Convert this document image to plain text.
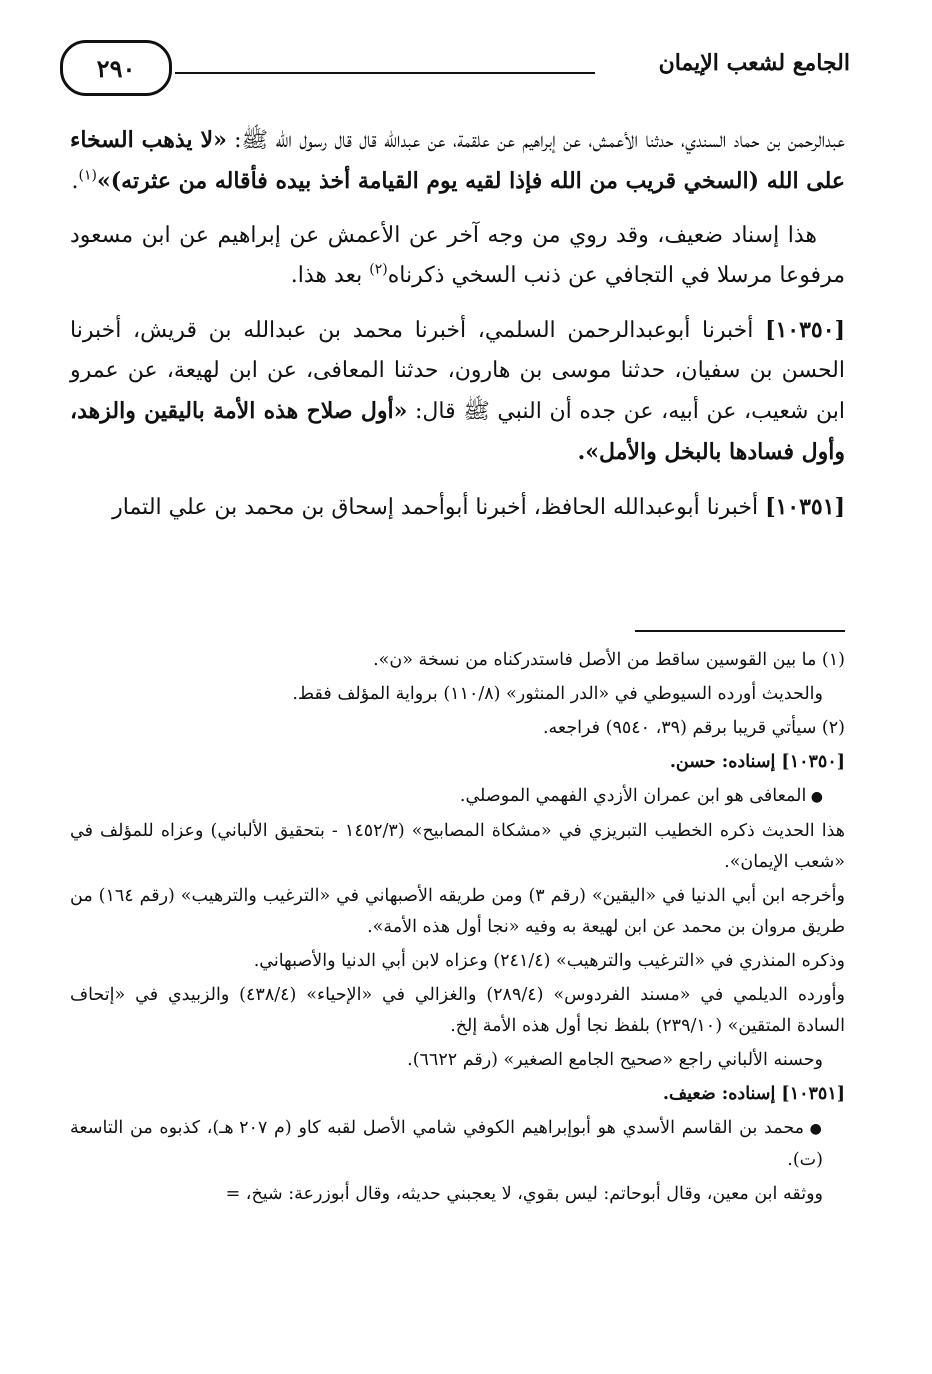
٢٩٠	الجامع لشعب الإيمان

عبدالرحمن بن حماد السندي، حدثنا الأعمش، عن إبراهيم عن علقمة، عن عبدالله قال قال رسول الله ﷺ: «لا يذهب السخاء على الله (السخي قريب من الله فإذا لقيه يوم القيامة أخذ بيده فأقاله من عثرته)»$^{(١)}$.

هذا إسناد ضعيف، وقد روي من وجه آخر عن الأعمش عن إبراهيم عن ابن مسعود مرفوعا مرسلا في التجافي عن ذنب السخي ذكرناه$^{(٢)}$ بعد هذا.

[١٠٣٥٠] أخبرنا أبوعبدالرحمن السلمي، أخبرنا محمد بن عبدالله بن قريش، أخبرنا الحسن بن سفيان، حدثنا موسى بن هارون، حدثنا المعافى، عن ابن لهيعة، عن عمرو ابن شعيب، عن أبيه، عن جده أن النبي ﷺ قال: «أول صلاح هذه الأمة باليقين والزهد، وأول فسادها بالبخل والأمل».

[١٠٣٥١] أخبرنا أبوعبدالله الحافظ، أخبرنا أبوأحمد إسحاق بن محمد بن علي التمار

(١) ما بين القوسين ساقط من الأصل فاستدركناه من نسخة «ن».

والحديث أورده السيوطي في «الدر المنثور» (١١٠/٨) برواية المؤلف فقط.

(٢) سيأتي قريبا برقم (٣٩، ٩٥٤٠) فراجعه.

[١٠٣٥٠] إسناده: حسن.

● المعافى هو ابن عمران الأزدي الفهمي الموصلي.

هذا الحديث ذكره الخطيب التبريزي في «مشكاة المصابيح» (١٤٥٢/٣ - بتحقيق الألباني) وعزاه للمؤلف في «شعب الإيمان».

وأخرجه ابن أبي الدنيا في «اليقين» (رقم ٣) ومن طريقه الأصبهاني في «الترغيب والترهيب» (رقم ١٦٤) من طريق مروان بن محمد عن ابن لهيعة به وفيه «نجا أول هذه الأمة».

وذكره المنذري في «الترغيب والترهيب» (٢٤١/٤) وعزاه لابن أبي الدنيا والأصبهاني.

وأورده الديلمي في «مسند الفردوس» (٢٨٩/٤) والغزالي في «الإحياء» (٤٣٨/٤) والزبيدي في «إتحاف السادة المتقين» (٢٣٩/١٠) بلفظ نجا أول هذه الأمة إلخ.

وحسنه الألباني راجع «صحيح الجامع الصغير» (رقم ٦٦٢٢).

[١٠٣٥١] إسناده: ضعيف.

● محمد بن القاسم الأسدي هو أبوإبراهيم الكوفي شامي الأصل لقبه كاو (م ٢٠٧ هـ)، كذبوه من التاسعة (ت).

ووثقه ابن معين، وقال أبوحاتم: ليس بقوي، لا يعجبني حديثه، وقال أبوزرعة: شيخ، =
